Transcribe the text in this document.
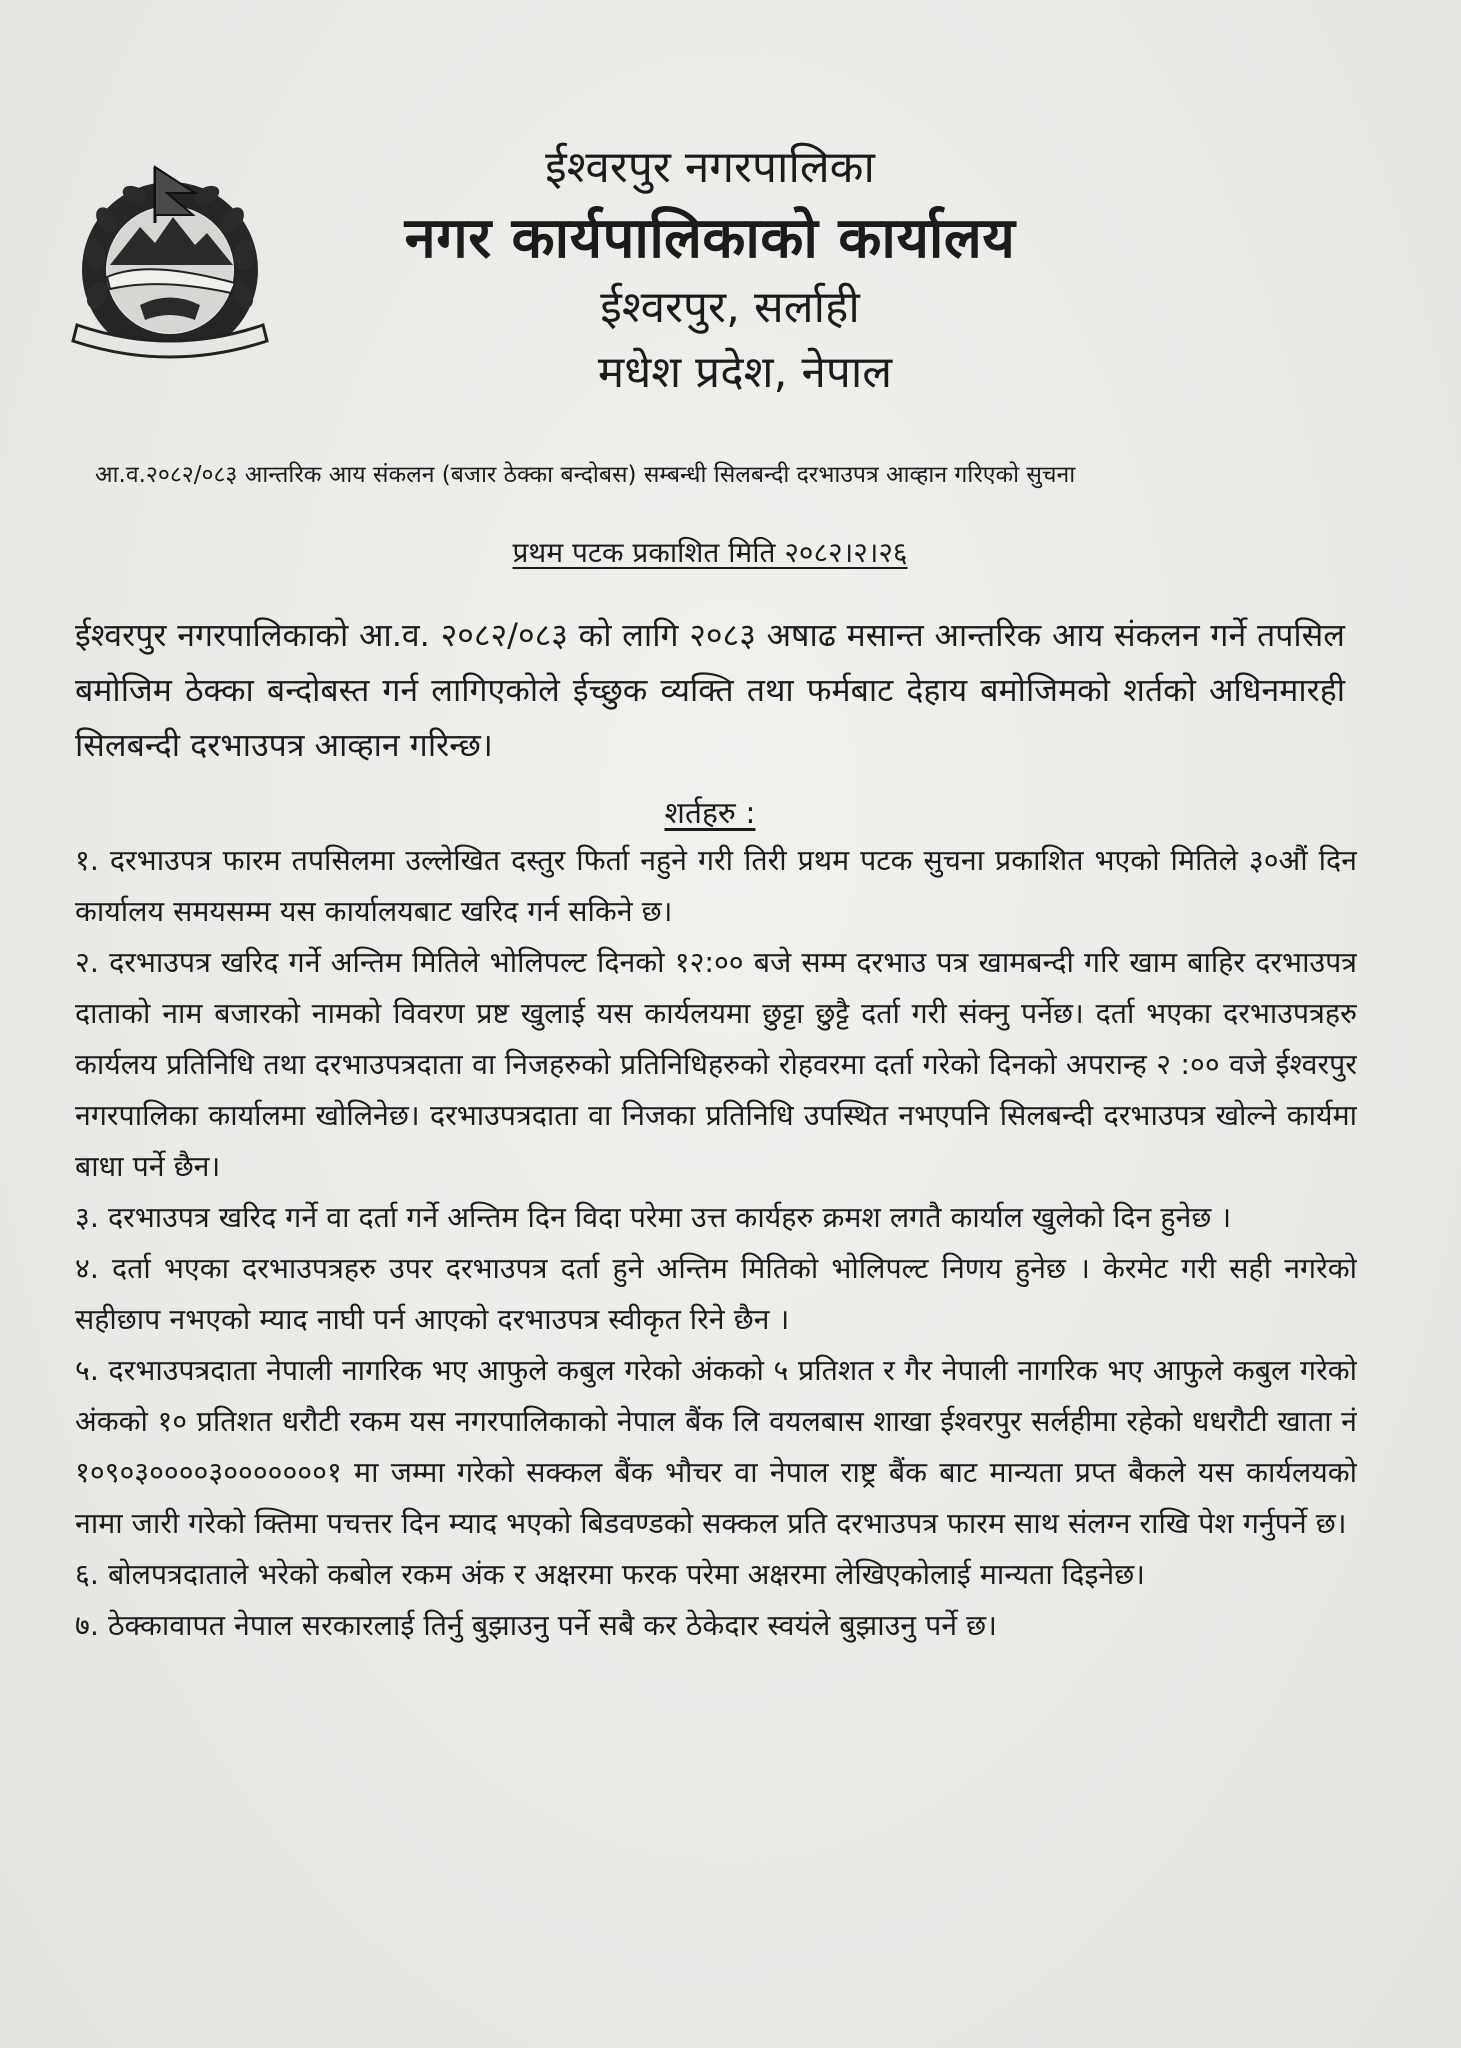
ईश्वरपुर नगरपालिका
नगर कार्यपालिकाको कार्यालय
ईश्वरपुर, सर्लाही
मधेश प्रदेश, नेपाल
आ.व.२०८२/०८३ आन्तरिक आय संकलन (बजार ठेक्का बन्दोबस) सम्बन्धी सिलबन्दी दरभाउपत्र आव्हान गरिएको सुचना
प्रथम पटक प्रकाशित मिति २०८२।२।२६

ईश्वरपुर नगरपालिकाको आ.व. २०८२/०८३ को लागि २०८३ अषाढ मसान्त आन्तरिक आय संकलन गर्ने तपसिल बमोजिम ठेक्का बन्दोबस्त गर्न लागिएकोले ईच्छुक व्यक्ति तथा फर्मबाट देहाय बमोजिमको शर्तको अधिनमारही सिलबन्दी दरभाउपत्र आव्हान गरिन्छ।

शर्तहरु :

१. दरभाउपत्र फारम तपसिलमा उल्लेखित दस्तुर फिर्ता नहुने गरी तिरी प्रथम पटक सुचना प्रकाशित भएको मितिले ३०औं दिन कार्यालय समयसम्म यस कार्यालयबाट खरिद गर्न सकिने छ।

२. दरभाउपत्र खरिद गर्ने अन्तिम मितिले भोलिपल्ट दिनको १२:०० बजे सम्म दरभाउ पत्र खामबन्दी गरि खाम बाहिर दरभाउपत्र दाताको नाम बजारको नामको विवरण प्रष्ट खुलाई यस कार्यलयमा छुट्टा छुट्टै दर्ता गरी संक्नु पर्नेछ। दर्ता भएका दरभाउपत्रहरु कार्यलय प्रतिनिधि तथा दरभाउपत्रदाता वा निजहरुको प्रतिनिधिहरुको रोहवरमा दर्ता गरेको दिनको अपरान्ह २ :०० वजे ईश्वरपुर नगरपालिका कार्यालमा खोलिनेछ। दरभाउपत्रदाता वा निजका प्रतिनिधि उपस्थित नभएपनि सिलबन्दी दरभाउपत्र खोल्ने कार्यमा बाधा पर्ने छैन।

३. दरभाउपत्र खरिद गर्ने वा दर्ता गर्ने अन्तिम दिन विदा परेमा उत्त कार्यहरु क्रमश लगतै कार्याल खुलेको दिन हुनेछ ।

४. दर्ता भएका दरभाउपत्रहरु उपर दरभाउपत्र दर्ता हुने अन्तिम मितिको भोलिपल्ट निणय हुनेछ । केरमेट गरी सही नगरेको सहीछाप नभएको म्याद नाघी पर्न आएको दरभाउपत्र स्वीकृत रिने छैन ।

५. दरभाउपत्रदाता नेपाली नागरिक भए आफुले कबुल गरेको अंकको ५ प्रतिशत र गैर नेपाली नागरिक भए आफुले कबुल गरेको अंकको १० प्रतिशत धरौटी रकम यस नगरपालिकाको नेपाल बैंक लि वयलबास शाखा ईश्वरपुर सर्लहीमा रहेको धधरौटी खाता नं १०९०३००००३०००००००१ मा जम्मा गरेको सक्कल बैंक भौचर वा नेपाल राष्ट्र बैंक बाट मान्यता प्रप्त बैकले यस कार्यलयको नामा जारी गरेको क्तिमा पचत्तर दिन म्याद भएको बिडवण्डको सक्कल प्रति दरभाउपत्र फारम साथ संलग्न राखि पेश गर्नुपर्ने छ।

६. बोलपत्रदाताले भरेको कबोल रकम अंक र अक्षरमा फरक परेमा अक्षरमा लेखिएकोलाई मान्यता दिइनेछ।

७. ठेक्कावापत नेपाल सरकारलाई तिर्नु बुझाउनु पर्ने सबै कर ठेकेदार स्वयंले बुझाउनु पर्ने छ।
